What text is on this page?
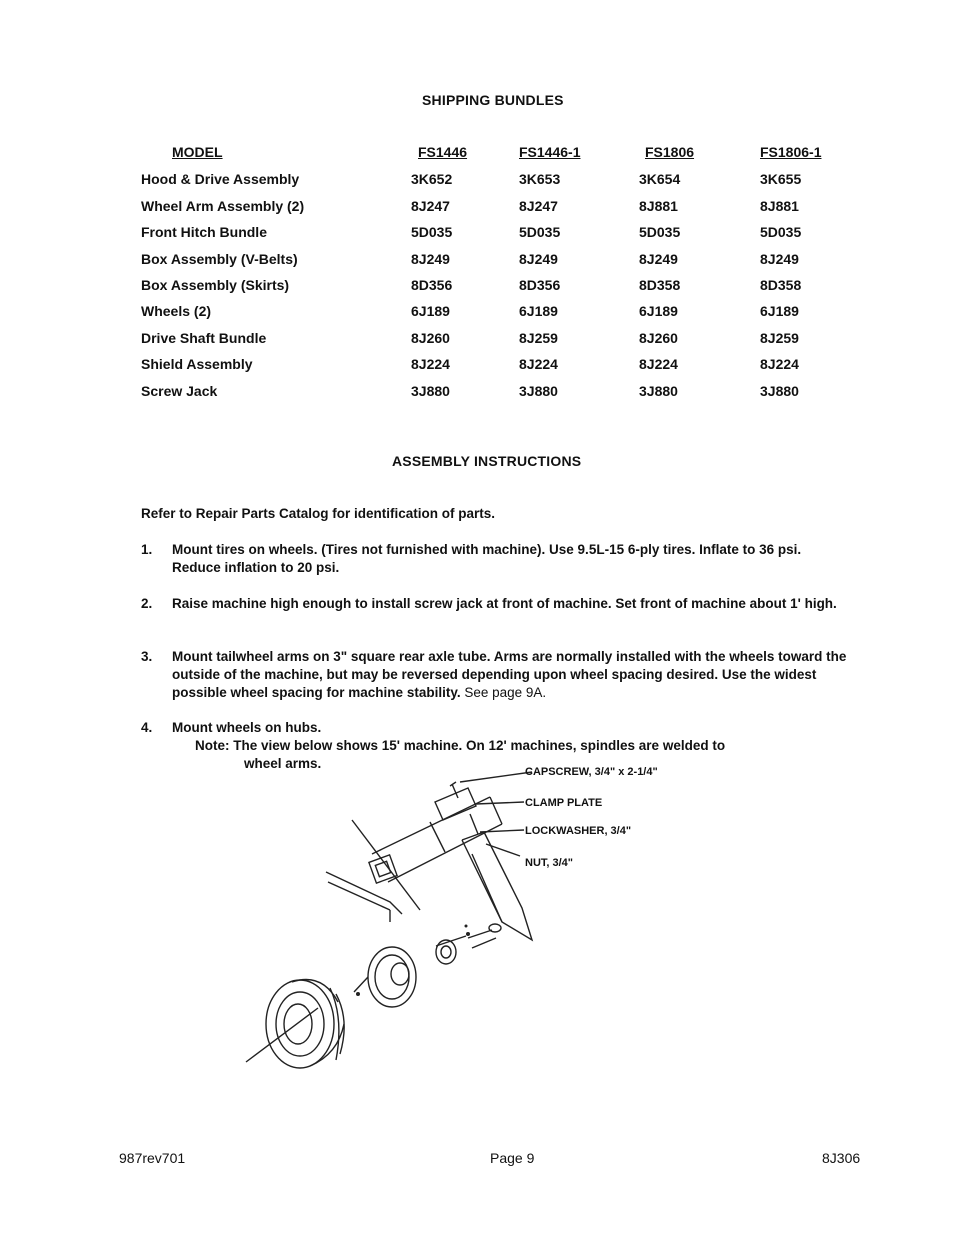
SHIPPING BUNDLES
MODEL	FS1446	FS1446-1	FS1806	FS1806-1
Hood & Drive Assembly	3K652	3K653	3K654	3K655
Wheel Arm Assembly (2)	8J247	8J247	8J881	8J881
Front Hitch Bundle	5D035	5D035	5D035	5D035
Box Assembly (V-Belts)	8J249	8J249	8J249	8J249
Box Assembly (Skirts)	8D356	8D356	8D358	8D358
Wheels (2)	6J189	6J189	6J189	6J189
Drive Shaft Bundle	8J260	8J259	8J260	8J259
Shield Assembly	8J224	8J224	8J224	8J224
Screw Jack	3J880	3J880	3J880	3J880
ASSEMBLY INSTRUCTIONS
Refer to Repair Parts Catalog for identification of parts.
1. Mount tires on wheels. (Tires not furnished with machine). Use 9.5L-15 6-ply tires. Inflate to 36 psi. Reduce inflation to 20 psi.
2. Raise machine high enough to install screw jack at front of machine. Set front of machine about 1' high.
3. Mount tailwheel arms on 3" square rear axle tube. Arms are normally installed with the wheels toward the outside of the machine, but may be reversed depending upon wheel spacing desired. Use the widest possible wheel spacing for machine stability. See page 9A.
4. Mount wheels on hubs.
Note: The view below shows 15' machine. On 12' machines, spindles are welded to
wheel arms.
CAPSCREW, 3/4" x 2-1/4"
CLAMP PLATE
LOCKWASHER, 3/4"
NUT, 3/4"
987rev701	Page 9	8J306
